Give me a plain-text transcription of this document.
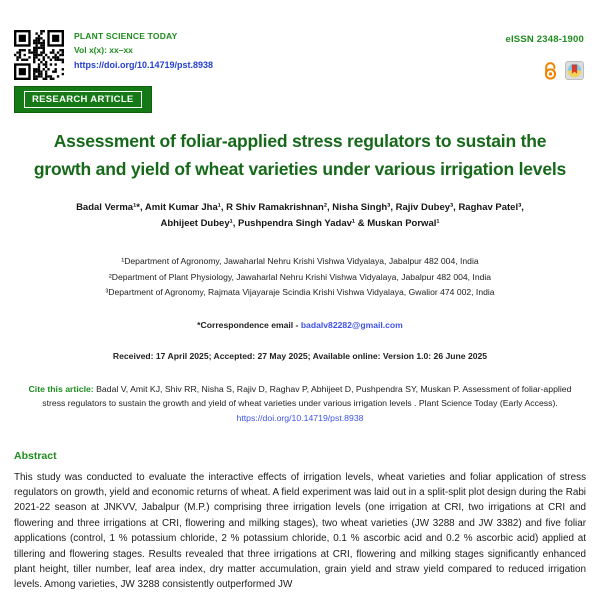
PLANT SCIENCE TODAY
Vol x(x): xx–xx
https://doi.org/10.14719/pst.8938
eISSN 2348-1900
RESEARCH ARTICLE
Assessment of foliar-applied stress regulators to sustain the growth and yield of wheat varieties under various irrigation levels
Badal Verma¹*, Amit Kumar Jha¹, R Shiv Ramakrishnan², Nisha Singh³, Rajiv Dubey³, Raghav Patel³,
Abhijeet Dubey¹, Pushpendra Singh Yadav¹ & Muskan Porwal¹
¹Department of Agronomy, Jawaharlal Nehru Krishi Vishwa Vidyalaya, Jabalpur 482 004, India
²Department of Plant Physiology, Jawaharlal Nehru Krishi Vishwa Vidyalaya, Jabalpur 482 004, India
³Department of Agronomy, Rajmata Vijayaraje Scindia Krishi Vishwa Vidyalaya, Gwalior 474 002, India
*Correspondence email - badalv82282@gmail.com
Received: 17 April 2025; Accepted: 27 May 2025; Available online: Version 1.0: 26 June 2025
Cite this article: Badal V, Amit KJ, Shiv RR, Nisha S, Rajiv D, Raghav P, Abhijeet D, Pushpendra SY, Muskan P. Assessment of foliar-applied stress regulators to sustain the growth and yield of wheat varieties under various irrigation levels . Plant Science Today (Early Access).
https://doi.org/10.14719/pst.8938
Abstract

This study was conducted to evaluate the interactive effects of irrigation levels, wheat varieties and foliar application of stress regulators on growth, yield and economic returns of wheat. A field experiment was laid out in a split-split plot design during the Rabi 2021-22 season at JNKVV, Jabalpur (M.P.) comprising three irrigation levels (one irrigation at CRI, two irrigations at CRI and flowering and three irrigations at CRI, flowering and milking stages), two wheat varieties (JW 3288 and JW 3382) and five foliar applications (control, 1 % potassium chloride, 2 % potassium chloride, 0.1 % ascorbic acid and 0.2 % ascorbic acid) applied at tillering and flowering stages. Results revealed that three irrigations at CRI, flowering and milking stages significantly enhanced plant height, tiller number, leaf area index, dry matter accumulation, grain yield and straw yield compared to reduced irrigation levels. Among varieties, JW 3288 consistently outperformed JW
